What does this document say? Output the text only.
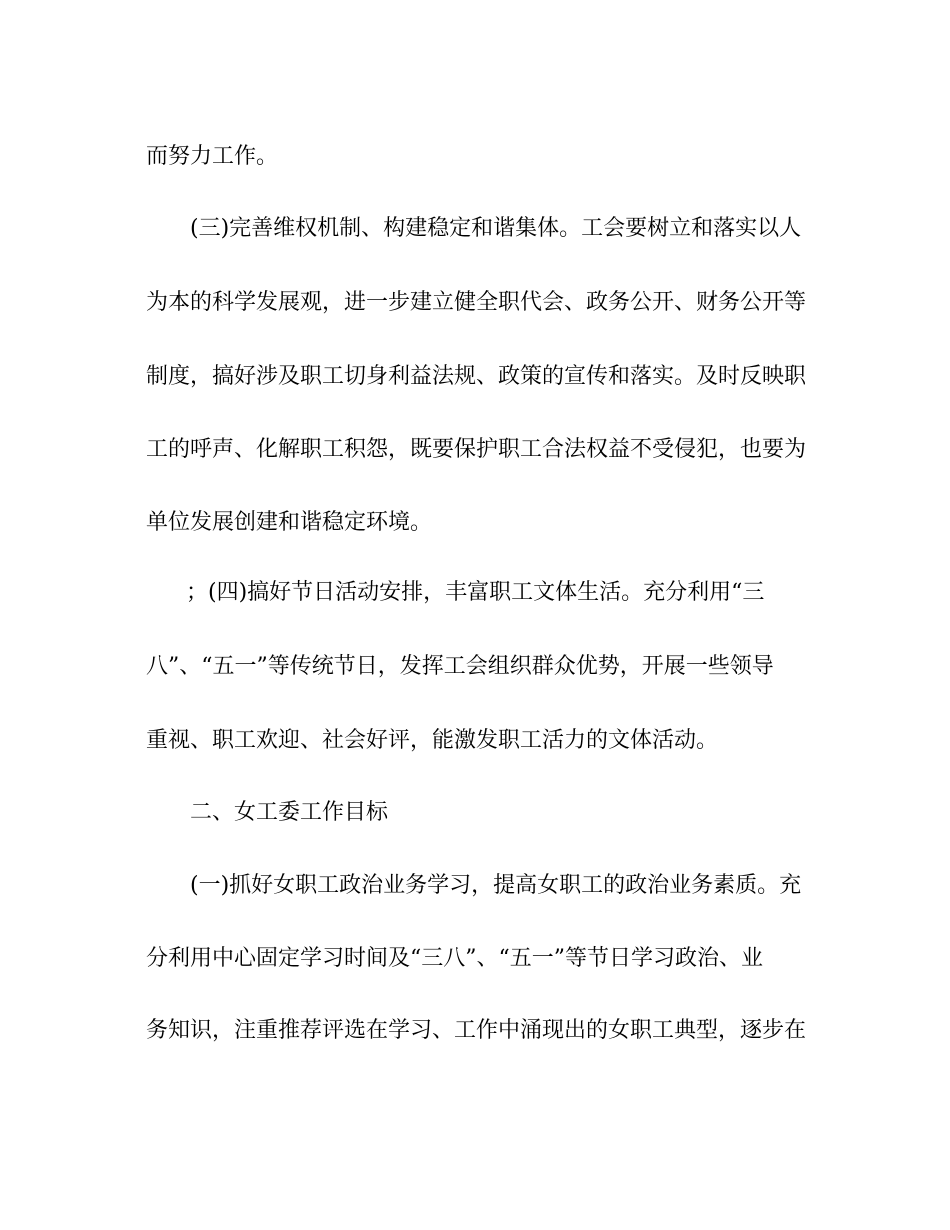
而努力工作。
(三)完善维权机制、构建稳定和谐集体。工会要树立和落实以人
为本的科学发展观，进一步建立健全职代会、政务公开、财务公开等
制度，搞好涉及职工切身利益法规、政策的宣传和落实。及时反映职
工的呼声、化解职工积怨，既要保护职工合法权益不受侵犯，也要为
单位发展创建和谐稳定环境。
；(四)搞好节日活动安排，丰富职工文体生活。充分利用“三
八”、“五一”等传统节日，发挥工会组织群众优势，开展一些领导
重视、职工欢迎、社会好评，能激发职工活力的文体活动。
二、女工委工作目标
(一)抓好女职工政治业务学习，提高女职工的政治业务素质。充
分利用中心固定学习时间及“三八”、“五一”等节日学习政治、业
务知识，注重推荐评选在学习、工作中涌现出的女职工典型，逐步在
